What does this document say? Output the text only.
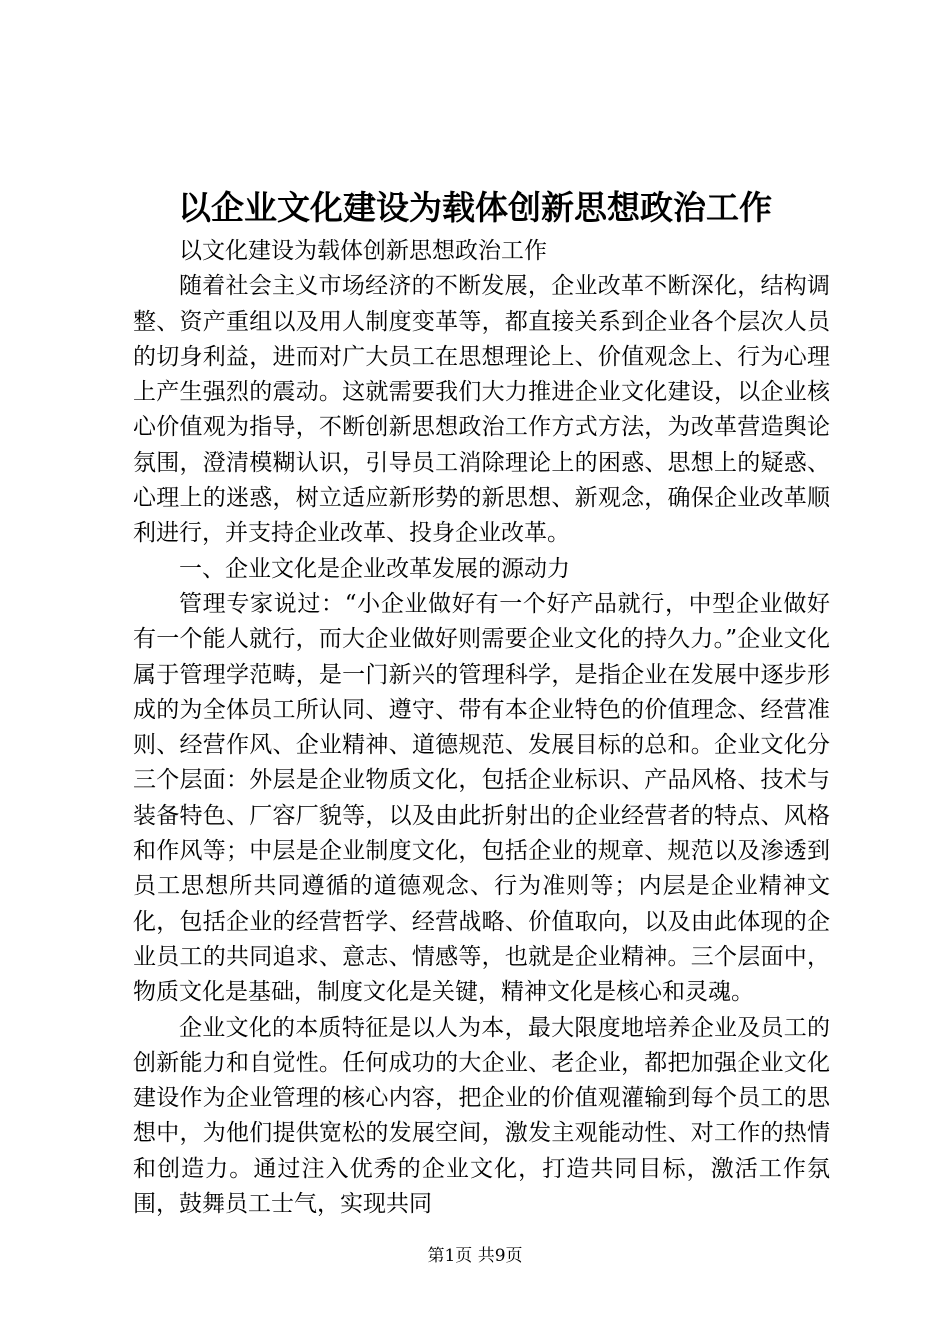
以企业文化建设为载体创新思想政治工作

以文化建设为载体创新思想政治工作

随着社会主义市场经济的不断发展，企业改革不断深化，结构调整、资产重组以及用人制度变革等，都直接关系到企业各个层次人员的切身利益，进而对广大员工在思想理论上、价值观念上、行为心理上产生强烈的震动。这就需要我们大力推进企业文化建设，以企业核心价值观为指导，不断创新思想政治工作方式方法，为改革营造舆论氛围，澄清模糊认识，引导员工消除理论上的困惑、思想上的疑惑、心理上的迷惑，树立适应新形势的新思想、新观念，确保企业改革顺利进行，并支持企业改革、投身企业改革。

一、企业文化是企业改革发展的源动力

管理专家说过：“小企业做好有一个好产品就行，中型企业做好有一个能人就行，而大企业做好则需要企业文化的持久力。”企业文化属于管理学范畴，是一门新兴的管理科学，是指企业在发展中逐步形成的为全体员工所认同、遵守、带有本企业特色的价值理念、经营准则、经营作风、企业精神、道德规范、发展目标的总和。企业文化分三个层面：外层是企业物质文化，包括企业标识、产品风格、技术与装备特色、厂容厂貌等，以及由此折射出的企业经营者的特点、风格和作风等；中层是企业制度文化，包括企业的规章、规范以及渗透到员工思想所共同遵循的道德观念、行为准则等；内层是企业精神文化，包括企业的经营哲学、经营战略、价值取向，以及由此体现的企业员工的共同追求、意志、情感等，也就是企业精神。三个层面中，物质文化是基础，制度文化是关键，精神文化是核心和灵魂。

企业文化的本质特征是以人为本，最大限度地培养企业及员工的创新能力和自觉性。任何成功的大企业、老企业，都把加强企业文化建设作为企业管理的核心内容，把企业的价值观灌输到每个员工的思想中，为他们提供宽松的发展空间，激发主观能动性、对工作的热情和创造力。通过注入优秀的企业文化，打造共同目标，激活工作氛围，鼓舞员工士气，实现共同

第1页 共9页
